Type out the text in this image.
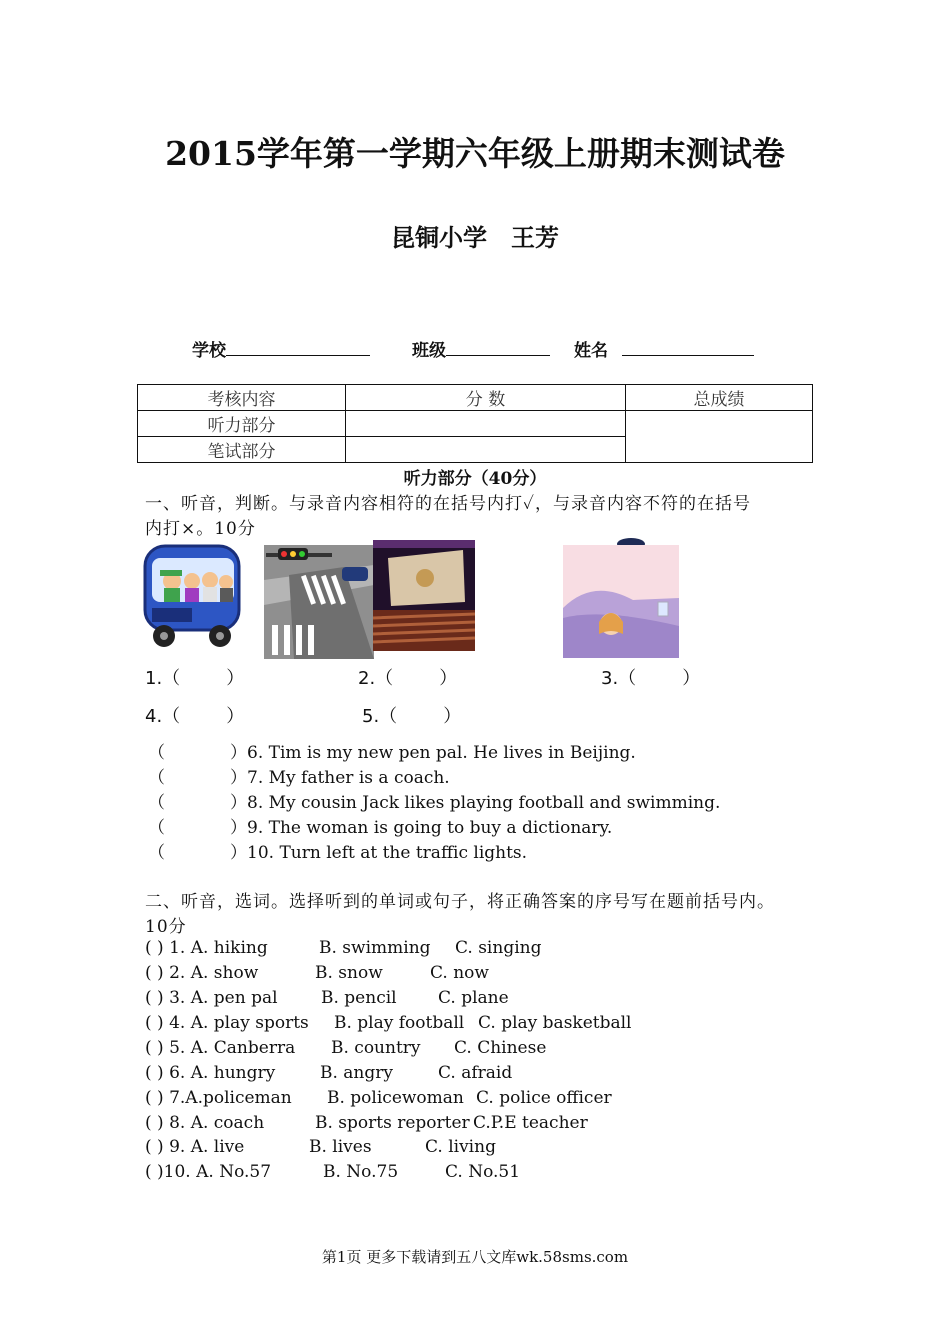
2015学年第一学期六年级上册期末测试卷
昆铜小学 王芳
学校	班级	姓名
考核内容	分 数	总成绩
听力部分		
笔试部分		
听力部分（40分）
一、听音，判断。与录音内容相符的在括号内打✓，与录音内容不符的在括号
内打×。10分
1.（	）	2.（	）	3.（	）
4.（	）	5.（	）
（	）6. Tim is my new pen pal. He lives in Beijing.
（	）7. My father is a coach.
（	）8. My cousin Jack likes playing football and swimming.
（	）9. The woman is going to buy a dictionary.
（	）10. Turn left at the traffic lights.
二、听音，选词。选择听到的单词或句子，将正确答案的序号写在题前括号内。
10分
( ) 1. A. hiking	B. swimming C. singing
( ) 2. A. show	B. snow	C. now
( ) 3. A. pen pal	B. pencil C. plane
( ) 4. A. play sports B. play football C. play basketball
( ) 5. A. Canberra B. country C. Chinese
( ) 6. A. hungry	B. angry	C. afraid
( ) 7.A.policeman B. policewoman C. police officer
( ) 8. A. coach	B. sports reporter C.P.E teacher
( ) 9. A. live	B. lives	C. living
( )10. A. No.57	B. No.75	C. No.51
第1页 更多下载请到五八文库wk.58sms.com
